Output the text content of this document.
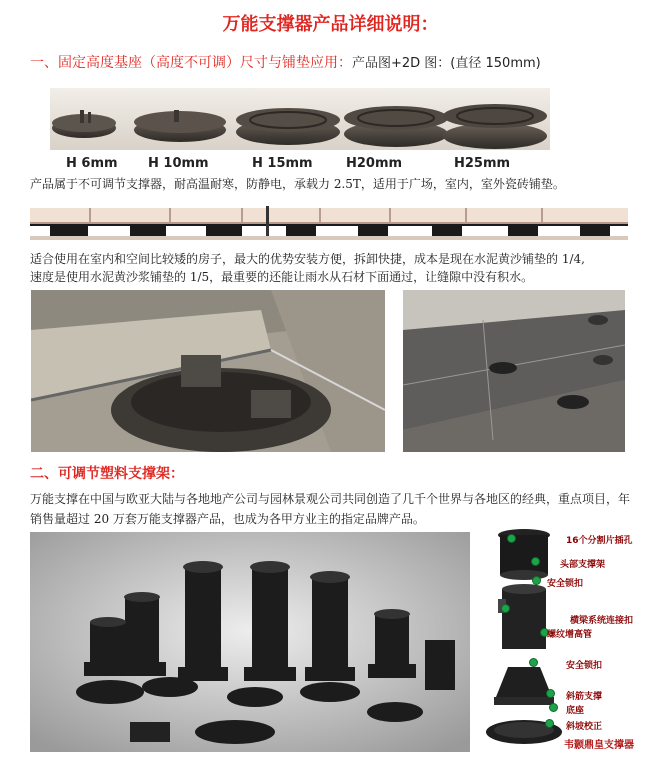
万能支撑器产品详细说明：
一、固定高度基座（高度不可调）尺寸与铺垫应用：产品图+2D 图：(直径 150mm)
H 6mm H 10mm	H 15mm	H20mm	H25mm
产品属于不可调节支撑器，耐高温耐寒，防静电，承载力 2.5T，适用于广场，室内，室外瓷砖铺垫。
适合使用在室内和空间比较矮的房子，最大的优势安装方便，拆卸快捷，成本是现在水泥黄沙铺垫的 1/4,
速度是使用水泥黄沙浆铺垫的 1/5，最重要的还能让雨水从石材下面通过，让缝隙中没有积水。
二、可调节塑料支撑架：
万能支撑在中国与欧亚大陆与各地地产公司与园林景观公司共同创造了几千个世界与各地区的经典，重点项目，年
销售量超过 20 万套万能支撑器产品，也成为各甲方业主的指定品牌产品。
16个分割片插孔
头部支撑架
安全锁扣
横梁系统连接扣
螺纹增高管
安全锁扣
斜筋支撑
底座
斜坡校正
韦颢鼎皇支撑器
